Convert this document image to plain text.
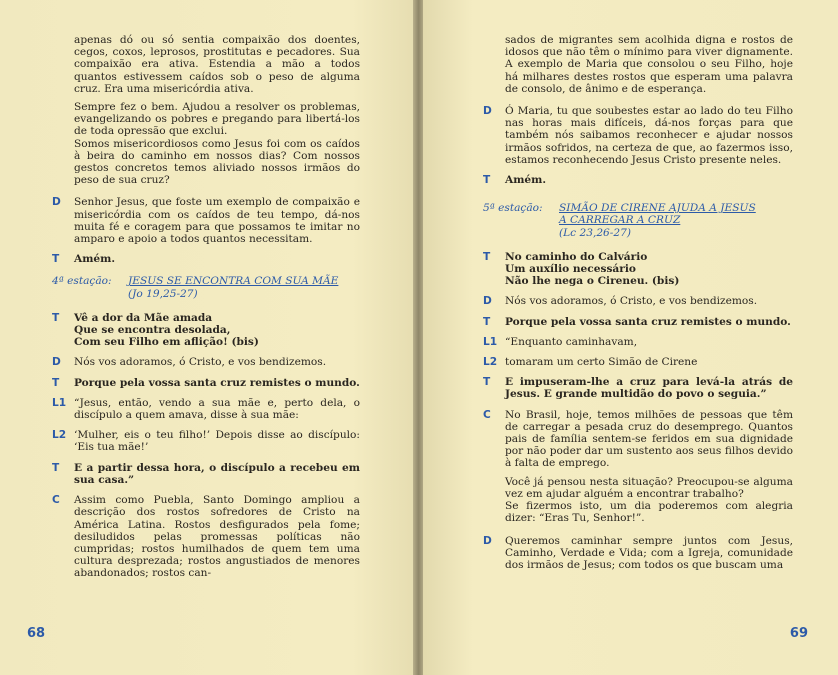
apenas dó ou só sentia compaixão dos doentes, cegos, coxos, leprosos, prostitutas e pecadores. Sua compaixão era ativa. Estendia a mão a todos quantos estivessem caídos sob o peso de alguma cruz. Era uma misericórdia ativa.

Sempre fez o bem. Ajudou a resolver os problemas, evangelizando os pobres e pregando para libertá-los de toda opressão que exclui.

Somos misericordiosos como Jesus foi com os caídos à beira do caminho em nossos dias? Com nossos gestos concretos temos aliviado nossos irmãos do peso de sua cruz?

D	Senhor Jesus, que foste um exemplo de compaixão e misericórdia com os caídos de teu tempo, dá-nos muita fé e coragem para que possamos te imitar no amparo e apoio a todos quantos necessitam.
T	Amém.
4ª estação:	JESUS SE ENCONTRA COM SUA MÃE
(Jo 19,25-27)
T	Vê a dor da Mãe amada
Que se encontra desolada,
Com seu Filho em aflição! (bis)
D	Nós vos adoramos, ó Cristo, e vos bendizemos.
T	Porque pela vossa santa cruz remistes o mundo.
L1 “Jesus, então, vendo a sua mãe e, perto dela, o discípulo a quem amava, disse à sua mãe:
L2 ‘Mulher, eis o teu filho!’ Depois disse ao discípulo: ‘Eis tua mãe!’
T	E a partir dessa hora, o discípulo a recebeu em sua casa.”
C	Assim como Puebla, Santo Domingo ampliou a descrição dos rostos sofredores de Cristo na América Latina. Rostos desfigurados pela fome; desiludidos pelas promessas políticas não cumpridas; rostos humilhados de quem tem uma cultura desprezada; rostos angustiados de menores abandonados; rostos can-
68

sados de migrantes sem acolhida digna e rostos de idosos que não têm o mínimo para viver dignamente. A exemplo de Maria que consolou o seu Filho, hoje há milhares destes rostos que esperam uma palavra de consolo, de ânimo e de esperança.

D	Ó Maria, tu que soubestes estar ao lado do teu Filho nas horas mais difíceis, dá-nos forças para que também nós saibamos reconhecer e ajudar nossos irmãos sofridos, na certeza de que, ao fazermos isso, estamos reconhecendo Jesus Cristo presente neles.
T	Amém.
5ª estação:	SIMÃO DE CIRENE AJUDA A JESUS
A CARREGAR A CRUZ
(Lc 23,26-27)
T	No caminho do Calvário
Um auxílio necessário
Não lhe nega o Cireneu. (bis)
D	Nós vos adoramos, ó Cristo, e vos bendizemos.
T	Porque pela vossa santa cruz remistes o mundo.
L1 “Enquanto caminhavam,
L2 tomaram um certo Simão de Cirene
T	E impuseram-lhe a cruz para levá-la atrás de Jesus. E grande multidão do povo o seguia.”
C	No Brasil, hoje, temos milhões de pessoas que têm de carregar a pesada cruz do desemprego. Quantos pais de família sentem-se feridos em sua dignidade por não poder dar um sustento aos seus filhos devido à falta de emprego.

Você já pensou nesta situação? Preocupou-se alguma vez em ajudar alguém a encontrar trabalho?

Se fizermos isto, um dia poderemos com alegria dizer: “Eras Tu, Senhor!”.

D	Queremos caminhar sempre juntos com Jesus, Caminho, Verdade e Vida; com a Igreja, comunidade dos irmãos de Jesus; com todos os que buscam uma
69
